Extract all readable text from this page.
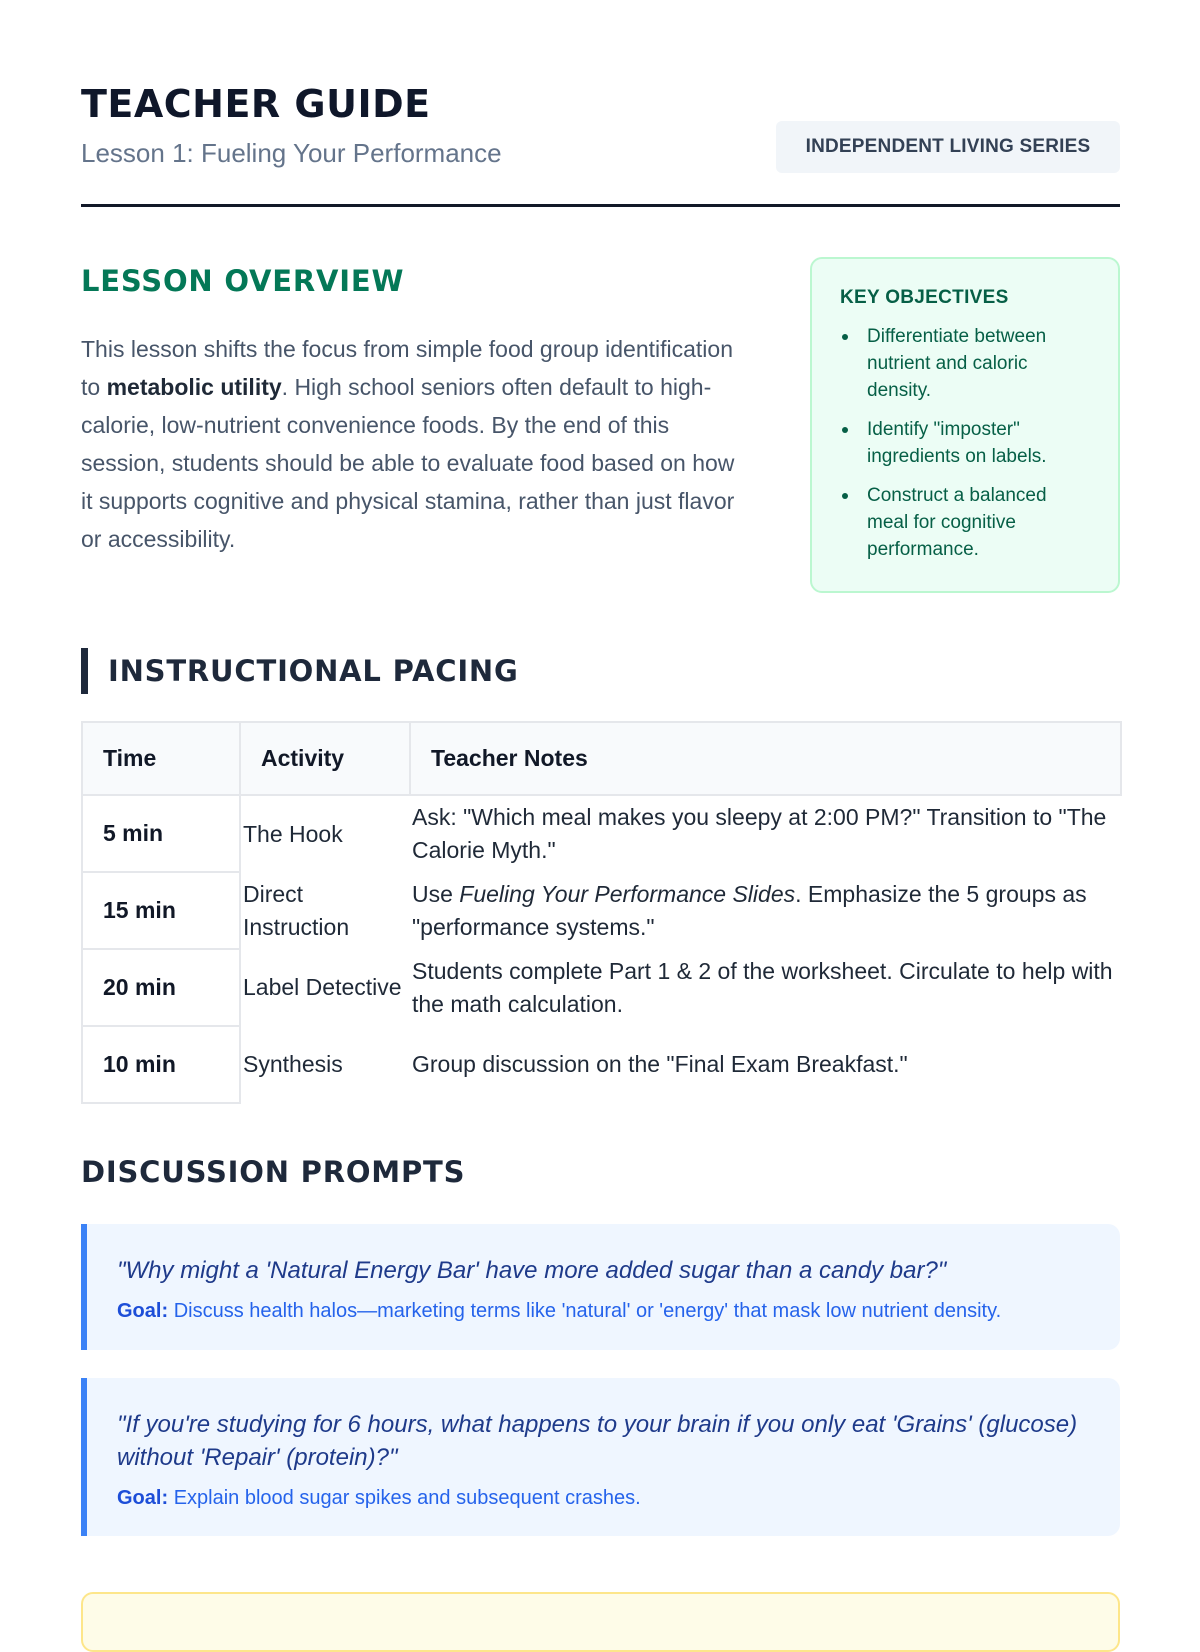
TEACHER GUIDE
Lesson 1: Fueling Your Performance	INDEPENDENT LIVING SERIES
LESSON OVERVIEW

This lesson shifts the focus from simple food group identification to metabolic utility. High school seniors often default to high-calorie, low-nutrient convenience foods. By the end of this session, students should be able to evaluate food based on how it supports cognitive and physical stamina, rather than just flavor or accessibility.

KEY OBJECTIVES
Differentiate between nutrient and caloric density.
Identify "imposter" ingredients on labels.
Construct a balanced meal for cognitive performance.
INSTRUCTIONAL PACING
Time	Activity	Teacher Notes
5 min	The Hook	Ask: "Which meal makes you sleepy at 2:00 PM?" Transition to "The Calorie Myth."
15 min	Direct Instruction	Use Fueling Your Performance Slides. Emphasize the 5 groups as "performance systems."
20 min	Label Detective	Students complete Part 1 & 2 of the worksheet. Circulate to help with the math calculation.
10 min	Synthesis	Group discussion on the "Final Exam Breakfast."
DISCUSSION PROMPTS

"Why might a 'Natural Energy Bar' have more added sugar than a candy bar?"

Goal: Discuss health halos—marketing terms like 'natural' or 'energy' that mask low nutrient density.

"If you're studying for 6 hours, what happens to your brain if you only eat 'Grains' (glucose) without 'Repair' (protein)?"

Goal: Explain blood sugar spikes and subsequent crashes.
